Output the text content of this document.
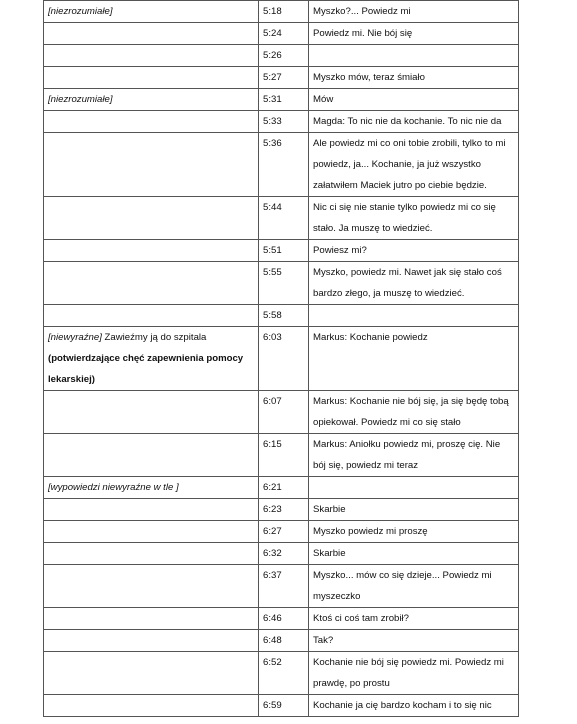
[niezrozumiałe]	5:18	Myszko?... Powiedz mi
	5:24	Powiedz mi. Nie bój się
	5:26	
	5:27	Myszko mów, teraz śmiało
[niezrozumiałe]	5:31	Mów
	5:33	Magda: To nic nie da kochanie. To nic nie da
	5:36	Ale powiedz mi co oni tobie zrobili, tylko to mi powiedz, ja... Kochanie, ja już wszystko załatwiłem Maciek jutro po ciebie będzie.
	5:44	Nic ci się nie stanie tylko powiedz mi co się stało. Ja muszę to wiedzieć.
	5:51	Powiesz mi?
	5:55	Myszko, powiedz mi. Nawet jak się stało coś bardzo złego, ja muszę to wiedzieć.
	5:58	
[niewyraźne] Zawieźmy ją do szpitala
(potwierdzające chęć zapewnienia pomocy lekarskiej)	6:03	Markus: Kochanie powiedz
	6:07	Markus: Kochanie nie bój się, ja się będę tobą opiekował. Powiedz mi co się stało
	6:15	Markus: Aniołku powiedz mi, proszę cię. Nie bój się, powiedz mi teraz
[wypowiedzi niewyraźne w tle ]	6:21	
	6:23	Skarbie
	6:27	Myszko powiedz mi proszę
	6:32	Skarbie
	6:37	Myszko... mów co się dzieje... Powiedz mi myszeczko
	6:46	Ktoś ci coś tam zrobił?
	6:48	Tak?
	6:52	Kochanie nie bój się powiedz mi. Powiedz mi prawdę, po prostu
	6:59	Kochanie ja cię bardzo kocham i to się nic
